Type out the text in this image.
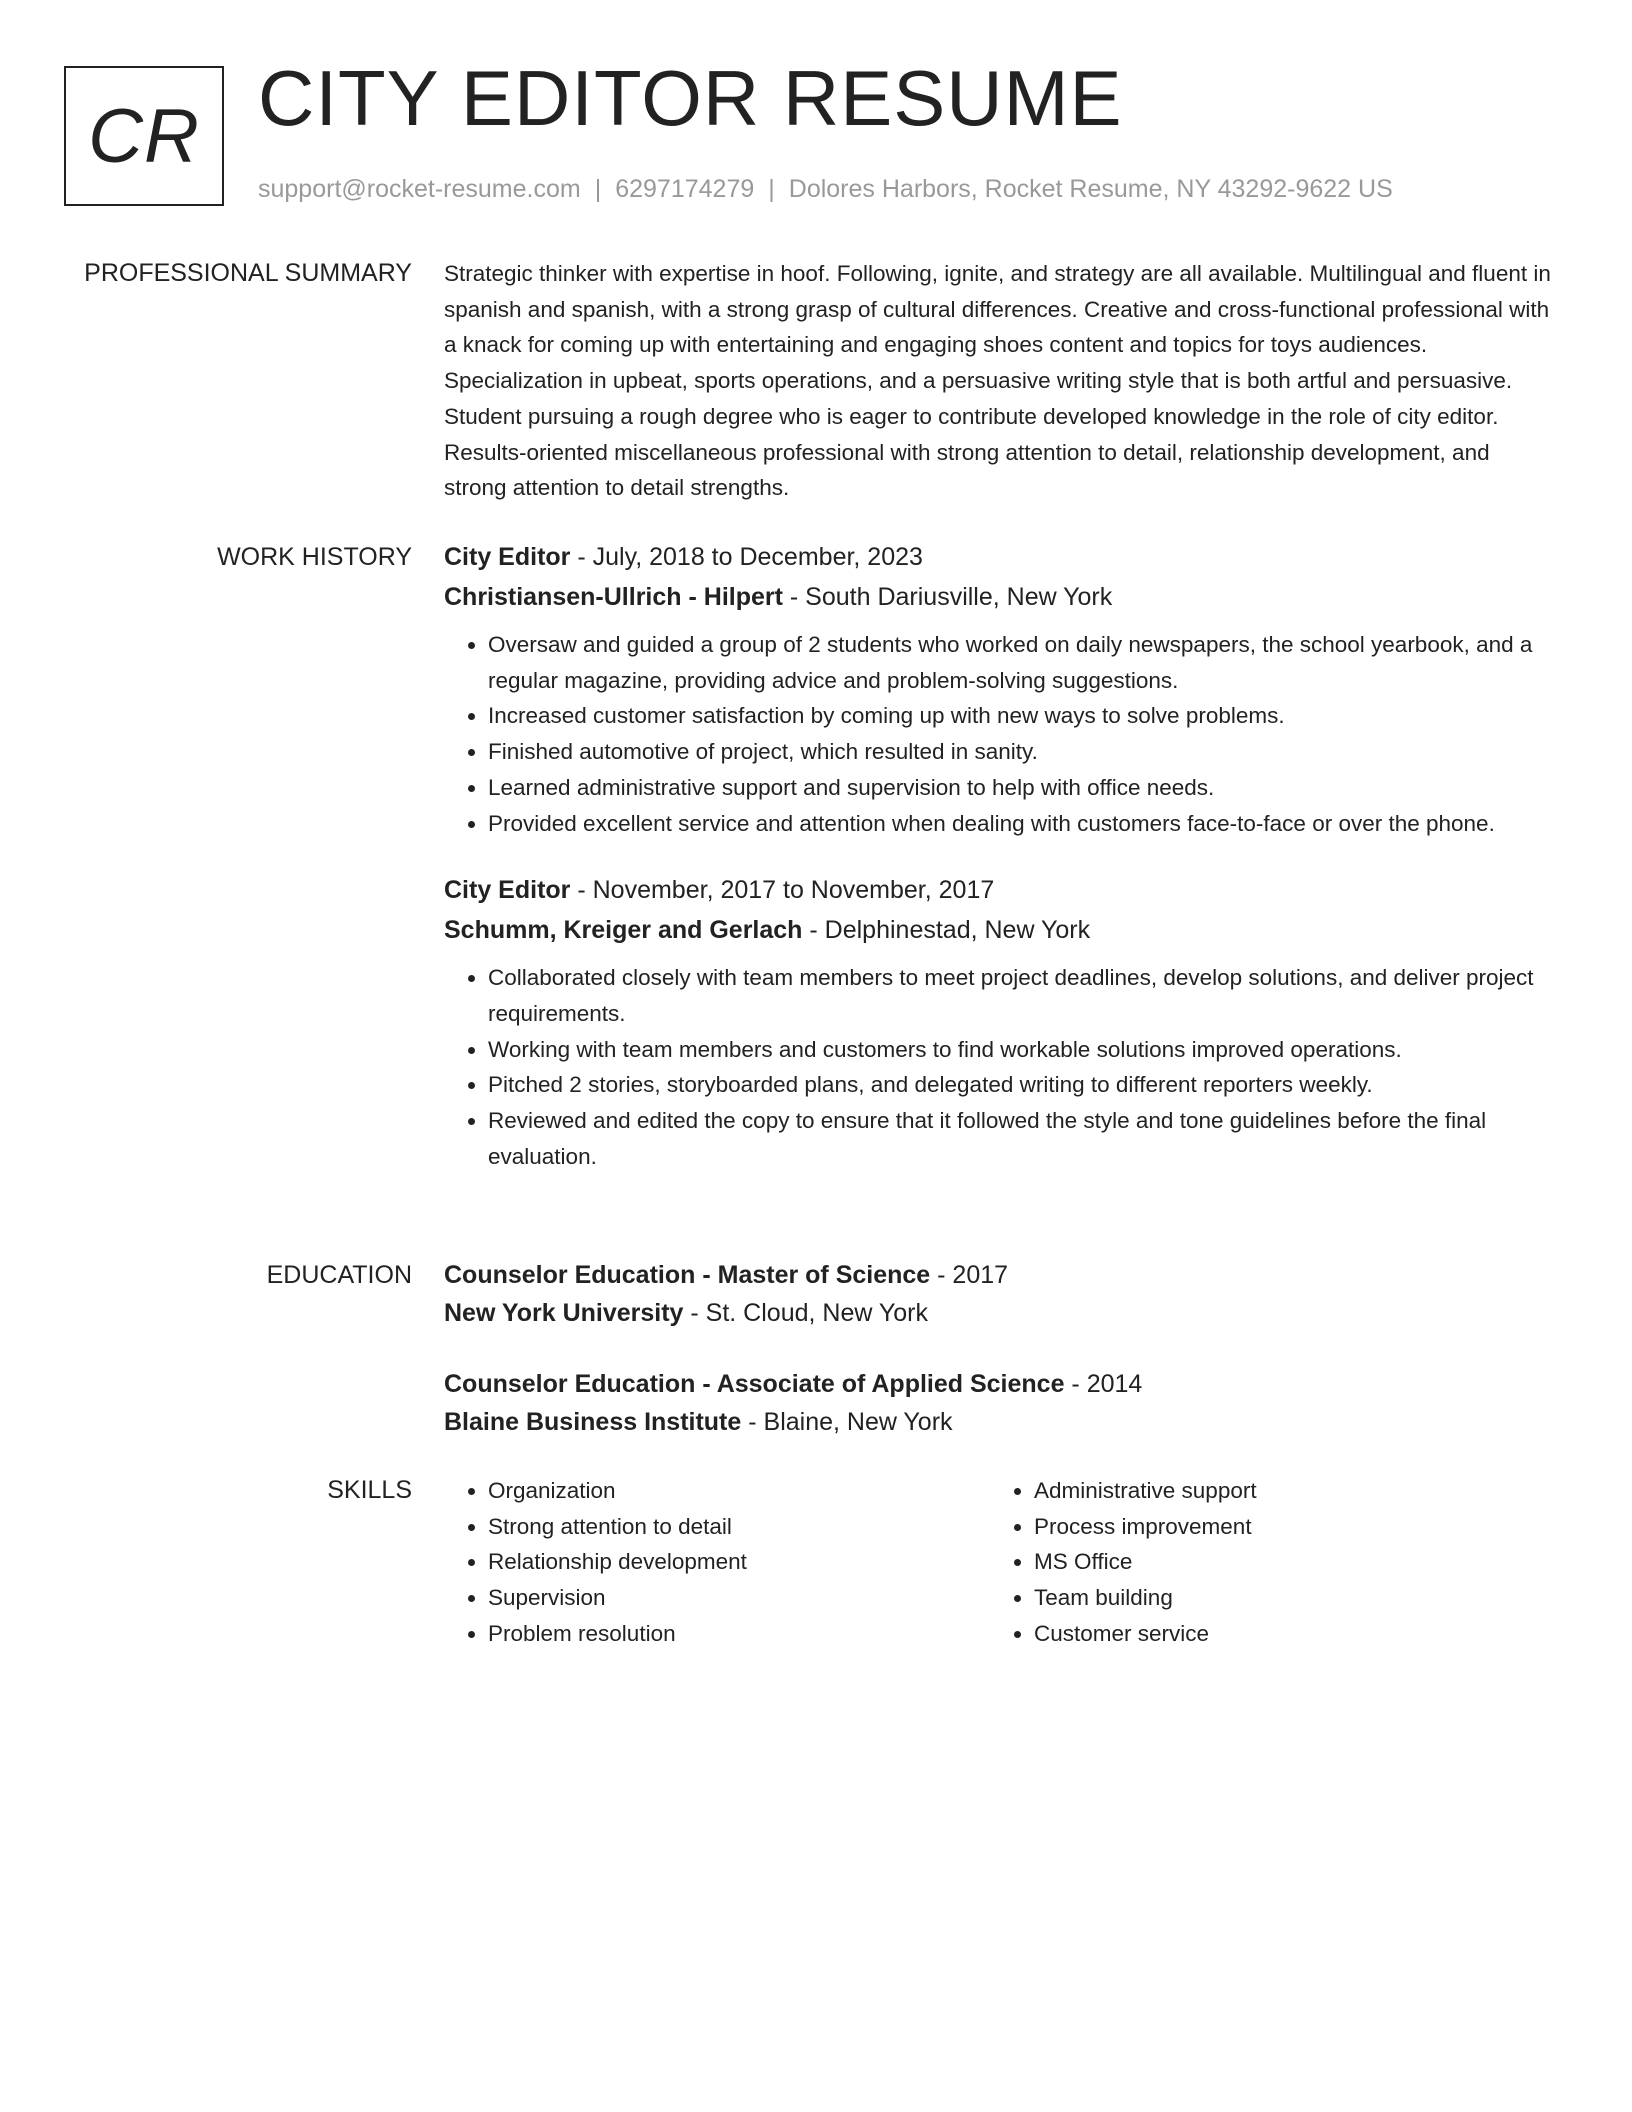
CR CITY EDITOR RESUME
support@rocket-resume.com | 6297174279 | Dolores Harbors, Rocket Resume, NY 43292-9622 US
PROFESSIONAL SUMMARY Strategic thinker with expertise in hoof. Following, ignite, and strategy are all available. Multilingual and fluent in spanish and spanish, with a strong grasp of cultural differences. Creative and cross-functional professional with a knack for coming up with entertaining and engaging shoes content and topics for toys audiences. Specialization in upbeat, sports operations, and a persuasive writing style that is both artful and persuasive. Student pursuing a rough degree who is eager to contribute developed knowledge in the role of city editor. Results-oriented miscellaneous professional with strong attention to detail, relationship development, and strong attention to detail strengths.

WORK HISTORY City Editor - July, 2018 to December, 2023
Christiansen-Ullrich - Hilpert - South Dariusville, New York
• Oversaw and guided a group of 2 students who worked on daily newspapers, the school yearbook, and a regular magazine, providing advice and problem-solving suggestions.
• Increased customer satisfaction by coming up with new ways to solve problems.
• Finished automotive of project, which resulted in sanity.
• Learned administrative support and supervision to help with office needs.
• Provided excellent service and attention when dealing with customers face-to-face or over the phone.
City Editor - November, 2017 to November, 2017
Schumm, Kreiger and Gerlach - Delphinestad, New York
• Collaborated closely with team members to meet project deadlines, develop solutions, and deliver project requirements.
• Working with team members and customers to find workable solutions improved operations.
• Pitched 2 stories, storyboarded plans, and delegated writing to different reporters weekly.
• Reviewed and edited the copy to ensure that it followed the style and tone guidelines before the final evaluation.
EDUCATION Counselor Education - Master of Science - 2017
New York University - St. Cloud, New York
Counselor Education - Associate of Applied Science - 2014
Blaine Business Institute - Blaine, New York
SKILLS
•	Organization
• Strong attention to detail
• Relationship development
• Supervision
• Problem resolution
• Administrative support
• Process improvement
• MS Office
• Team building
• Customer service
